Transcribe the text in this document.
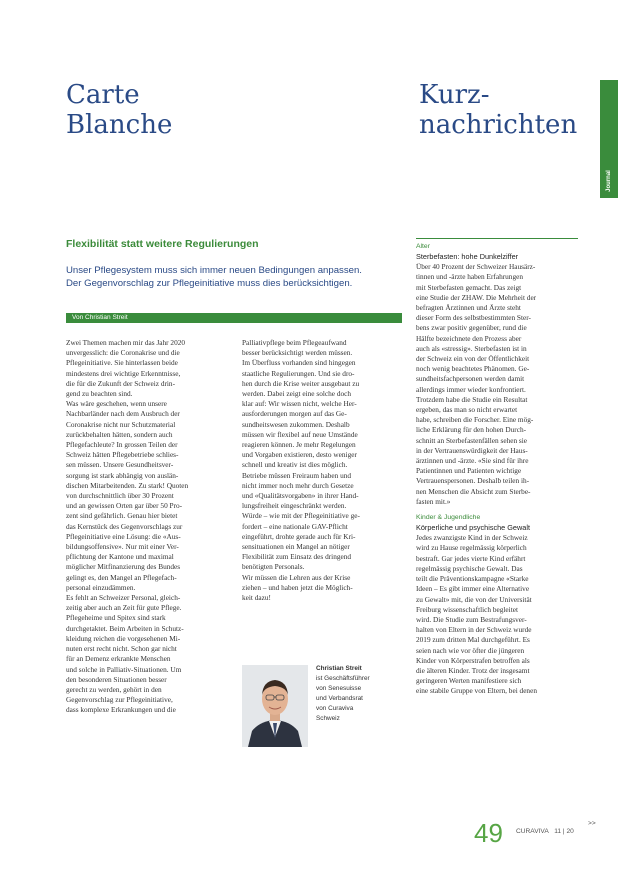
Carte
Blanche
Kurz-
nachrichten
Journal

Flexibilität statt weitere Regulierungen

Unser Pflegesystem muss sich immer neuen Bedingungen anpassen.

Der Gegenvorschlag zur Pflegeinitiative muss dies berücksichtigen.

Von Christian Streit

Zwei Themen machen mir das Jahr 2020

unvergesslich: die Coronakrise und die

Pflegeinitiative. Sie hinterlassen beide

mindestens drei wichtige Erkenntnisse,

die für die Zukunft der Schweiz drin-

gend zu beachten sind.

Was wäre geschehen, wenn unsere

Nachbarländer nach dem Ausbruch der

Coronakrise nicht nur Schutzmaterial

zurückbehalten hätten, sondern auch

Pflegefachleute? In grossen Teilen der

Schweiz hätten Pflegebetriebe schlies-

sen müssen. Unsere Gesundheitsver-

sorgung ist stark abhängig von auslän-

dischen Mitarbeitenden. Zu stark! Quoten

von durchschnittlich über 30 Prozent

und an gewissen Orten gar über 50 Pro-

zent sind gefährlich. Genau hier bietet

das Kernstück des Gegenvorschlags zur

Pflegeinitiative eine Lösung: die «Aus-

bildungsoffensive». Nur mit einer Ver-

pflichtung der Kantone und maximal

möglicher Mitfinanzierung des Bundes

gelingt es, den Mangel an Pflegefach-

personal einzudämmen.

Es fehlt an Schweizer Personal, gleich-

zeitig aber auch an Zeit für gute Pflege.

Pflegeheime und Spitex sind stark

durchgetaktet. Beim Arbeiten in Schutz-

kleidung reichen die vorgesehenen Mi-

nuten erst recht nicht. Schon gar nicht

für an Demenz erkrankte Menschen

und solche in Palliativ-Situationen. Um

den besonderen Situationen besser

gerecht zu werden, gehört in den

Gegenvorschlag zur Pflegeinitiative,

dass komplexe Erkrankungen und die

Palliativpflege beim Pflegeaufwand

besser berücksichtigt werden müssen.

Im Überfluss vorhanden sind hingegen

staatliche Regulierungen. Und sie dro-

hen durch die Krise weiter ausgebaut zu

werden. Dabei zeigt eine solche doch

klar auf: Wir wissen nicht, welche Her-

ausforderungen morgen auf das Ge-

sundheitswesen zukommen. Deshalb

müssen wir flexibel auf neue Umstände

reagieren können. Je mehr Regelungen

und Vorgaben existieren, desto weniger

schnell und kreativ ist dies möglich.

Betriebe müssen Freiraum haben und

nicht immer noch mehr durch Gesetze

und «Qualitätsvorgaben» in ihrer Hand-

lungsfreiheit eingeschränkt werden.

Würde – wie mit der Pflegeinitiative ge-

fordert – eine nationale GAV-Pflicht

eingeführt, drohte gerade auch für Kri-

sensituationen ein Mangel an nötiger

Flexibilität zum Einsatz des dringend

benötigten Personals.

Wir müssen die Lehren aus der Krise

ziehen – und haben jetzt die Möglich-

keit dazu!

Christian Streit
ist Geschäftsführer
von Senesuisse
und Verbandsrat
von Curaviva
Schweiz

Alter

Sterbefasten: hohe Dunkelziffer

Über 40 Prozent der Schweizer Hausärz-

tinnen und -ärzte haben Erfahrungen

mit Sterbefasten gemacht. Das zeigt

eine Studie der ZHAW. Die Mehrheit der

befragten Ärztinnen und Ärzte steht

dieser Form des selbstbestimmten Ster-

bens zwar positiv gegenüber, rund die

Hälfte bezeichnete den Prozess aber

auch als «stressig». Sterbefasten ist in

der Schweiz ein von der Öffentlichkeit

noch wenig beachtetes Phänomen. Ge-

sundheitsfachpersonen werden damit

allerdings immer wieder konfrontiert.

Trotzdem habe die Studie ein Resultat

ergeben, das man so nicht erwartet

habe, schreiben die Forscher. Eine mög-

liche Erklärung für den hohen Durch-

schnitt an Sterbefastenfällen sehen sie

in der Vertrauenswürdigkeit der Haus-

ärztinnen und -ärzte. «Sie sind für ihre

Patientinnen und Patienten wichtige

Vertrauenspersonen. Deshalb teilen ih-

nen Menschen die Absicht zum Sterbe-

fasten mit.»

Kinder & Jugendliche

Körperliche und psychische Gewalt

Jedes zwanzigste Kind in der Schweiz

wird zu Hause regelmässig körperlich

bestraft. Gar jedes vierte Kind erfährt

regelmässig psychische Gewalt. Das

teilt die Präventionskampagne «Starke

Ideen – Es gibt immer eine Alternative

zu Gewalt» mit, die von der Universität

Freiburg wissenschaftlich begleitet

wird. Die Studie zum Bestrafungsver-

halten von Eltern in der Schweiz wurde

2019 zum dritten Mal durchgeführt. Es

seien nach wie vor öfter die jüngeren

Kinder von Körperstrafen betroffen als

die älteren Kinder. Trotz der insgesamt

geringeren Werten manifestiere sich

eine stabile Gruppe von Eltern, bei denen

49 CURAVIVA 11 | 20
>>
